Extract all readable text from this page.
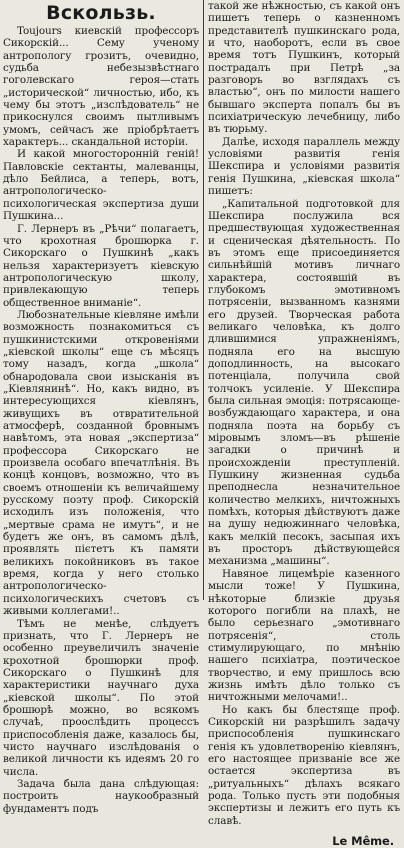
Вскользь.

Toujours киевскій профессоръ Сикорскій... Сему ученому антропологу грозитъ, очевидно, судьба небезызвѣстнаго гоголевскаго героя—стать „исторической“ личностью, ибо, къ чему бы этотъ „изслѣдователь“ не прикоснулся своимъ пытливымъ умомъ, сейчасъ же пріобрѣтаетъ характеръ... скандальной исторіи.

И какой многосторонній геній! Павловскіе сектанты, малеванцы, дѣло Бейлиса, а теперь, вотъ, антропологическо-психологическая экспертиза души Пушкина...

Г. Лернеръ въ „Рѣчи“ полагаетъ, что крохотная брошюрка г. Сикорскаго о Пушкинѣ „какъ нельзя характеризуетъ кіевскую антропологическую школу, привлекающую теперь общественное вниманіе“.

Любознательные кіевляне имѣли возможность познакомиться съ пушкинистскими откровеніями „кіевской школы“ еще съ мѣсяцъ тому назадъ, когда „школа“ обнародовала свои изысканія въ „Кіевлянинѣ“. Но, какъ видно, въ интересующихся кіевлянъ, живущихъ въ отвратительной атмосферѣ, созданной бровнымъ навѣтомъ, эта новая „экспертиза“ профессора Сикорскаго не произвела особаго впечатлѣнія. Въ концѣ концовъ, возможно, что въ своемъ отношеніи къ величайшему русскому поэту проф. Сикорскій исходилъ изъ положенія, что „мертвые срама не имутъ“, и не будетъ же онъ, въ самомъ дѣлѣ, проявлять пієтетъ къ памяти великихъ покойниковъ въ такое время, когда у него столько антропологическо-психологическихъ счетовъ съ живыми коллегами!..

Тѣмъ не менѣе, слѣдуетъ признать, что Г. Лернеръ не особенно преувеличилъ значеніе крохотной брошюрки проф. Сикорскаго о Пушкинѣ для характеристики научнаго духа „кіевской школы“. По этой брошюрѣ можно, во всякомъ случаѣ, проослѣдить процессъ приспособленія даже, казалось бы, чисто научнаго изслѣдованія о великой личности къ идеямъ 20 го числа.

Задача была дана слѣдующая: построить наукообразный фундаментъ подъ

такой же нѣжностью, съ какой онъ пишетъ теперь о казненномъ представителѣ пушкинскаго рода, и что, наоборотъ, если въ свое время тотъ Пушкинъ, который пострадалъ при Петрѣ „за разговоръ во взглядахъ съ властью“, онъ по милости нашего бывшаго эксперта попалъ бы въ психіатрическую лечебницу, либо въ тюрьму.

Далѣе, исходя параллель между условіями развитія генія Шекспира и условіями развитія генія Пушкина, „кіевская школа“ пишетъ:

„Капитальной подготовкой для Шекспира послужила вся предшествующая художественная и сценическая дѣятельность. По въ этомъ еще присоединяется сильнѣйшій мотивъ личнаго характера, состоявшій въ глубокомъ эмотивномъ потрясеніи, вызванномъ казнями его друзей. Творческая работа великаго человѣка, къ долго длившимися упражненіямъ, подняла его на высшую доподлинность, на высокаго потенціала, получила свой толчокъ усиленіе. У Шекспира была сильная эмоція: потрясающе-возбуждающаго характера, и она подняла поэта на борьбу съ міровымъ зломъ—въ рѣшеніе загадки о причинѣ и происхожденіи преступленій. Пушкину жизненная судьба преподнесла незначительное количество мелкихъ, ничтожныхъ помѣхъ, которыя дѣйствуютъ даже на душу недюжиннаго человѣка, какъ мелкій песокъ, засыпая ихъ въ просторъ дѣйствующейся механизма „машины“.

Навяное лицемѣріе казенного мысли тоже! У Пушкина, нѣкоторые близкіе друзья которого погибли на плахѣ, не было серьезнаго „эмотивнаго потрясенія“, столь стимулирующаго, по мнѣнію нашего психіатра, поэтическое творчество, и ему пришлось всю жизнь имѣть дѣло только съ ничтожными мелочами!..

Но какъ бы блестяще проф. Сикорскій ни разрѣшилъ задачу приспособленія пушкинскаго генія къ удовлетворенію кіевлянъ, его настоящее призваніе все же остается экспертиза въ „ритуальныхъ“ дѣлахъ всякаго рода. Только пусть эти подобныя экспертизы и лежитъ его путь къ славѣ.

Le Même.
